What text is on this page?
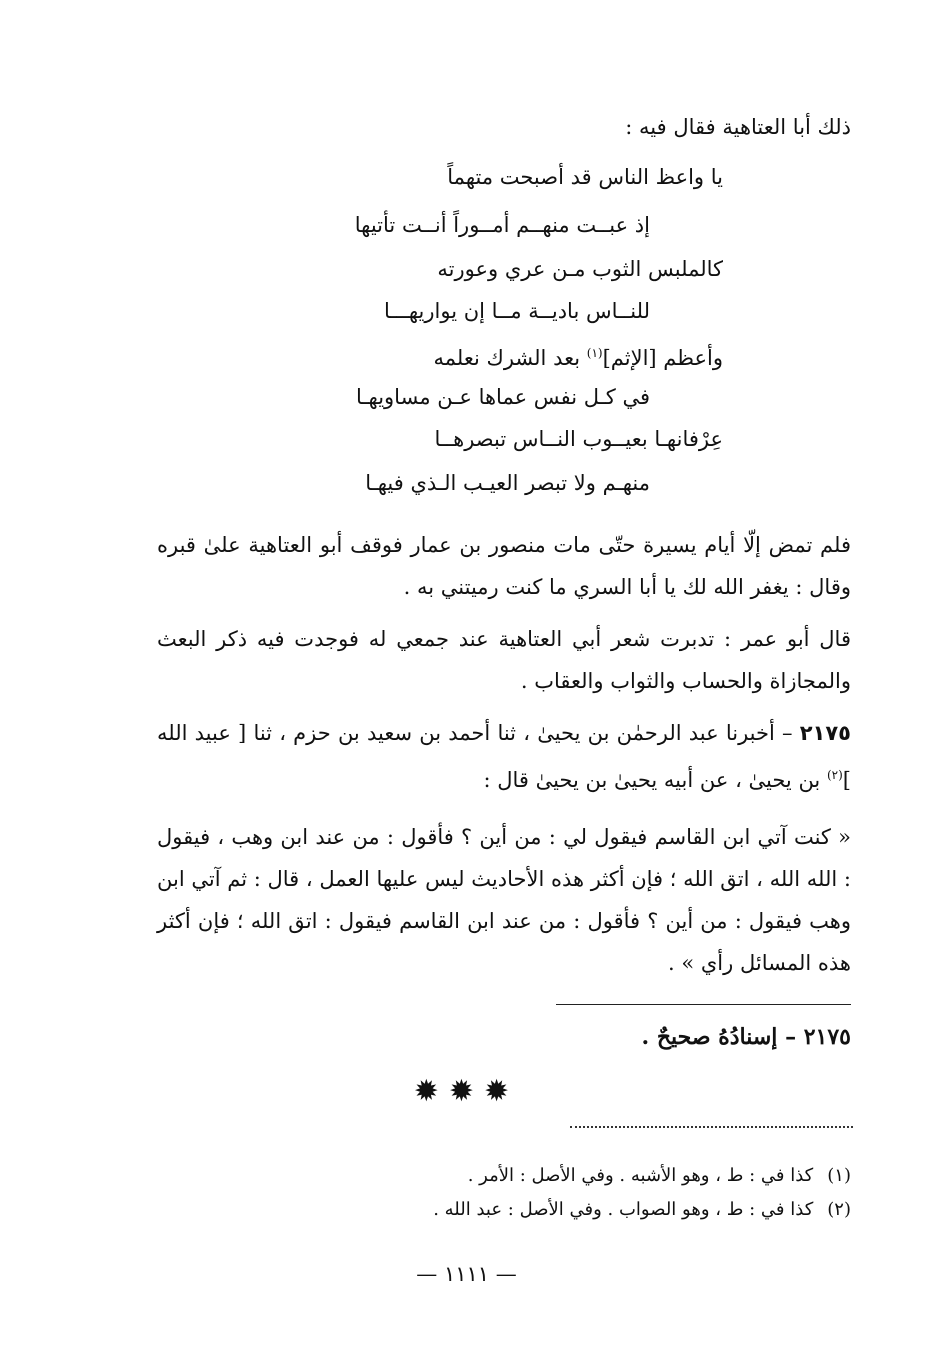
ذلك أبا العتاهية فقال فيه :
يا واعظ الناس قد أصبحت متهماً
إذ عبــت منهــم أمــوراً أنــت تأتيها
كالملبس الثوب مـن عري وعورته
للنــاس باديــة مــا إن يواريهـــا
وأعظم [الإثم]$^{(١)}$ بعد الشرك نعلمه
في كـل نفس عماها عـن مساويهـا
عِرْفانهـا بعيــوب النــاس تبصرهــا
منهـم ولا تبصر العيـب الـذي فيهـا
فلم تمض إلّا أيام يسيرة حتّى مات منصور بن عمار فوقف أبو العتاهية علىٰ قبره وقال : يغفر الله لك يا أبا السري ما كنت رميتني به .
قال أبو عمر : تدبرت شعر أبي العتاهية عند جمعي له فوجدت فيه ذكر البعث والمجازاة والحساب والثواب والعقاب .
٢١٧٥ – أخبرنا عبد الرحمٰن بن يحيىٰ ، ثنا أحمد بن سعيد بن حزم ، ثنا [ عبيد الله ]$^{(٢)}$ بن يحيىٰ ، عن أبيه يحيىٰ بن يحيىٰ قال :
« كنت آتي ابن القاسم فيقول لي : من أين ؟ فأقول : من عند ابن وهب ، فيقول : الله الله ، اتق الله ؛ فإن أكثر هذه الأحاديث ليس عليها العمل ، قال : ثم آتي ابن وهب فيقول : من أين ؟ فأقول : من عند ابن القاسم فيقول : اتق الله ؛ فإن أكثر هذه المسائل رأي » .
٢١٧٥ – إسنادُهُ صحيحٌ .
✹✹✹
(١)كذا في : ط ، وهو الأشبه . وفي الأصل : الأمر .
(٢)كذا في : ط ، وهو الصواب . وفي الأصل : عبد الله .
— ١١١١ —
